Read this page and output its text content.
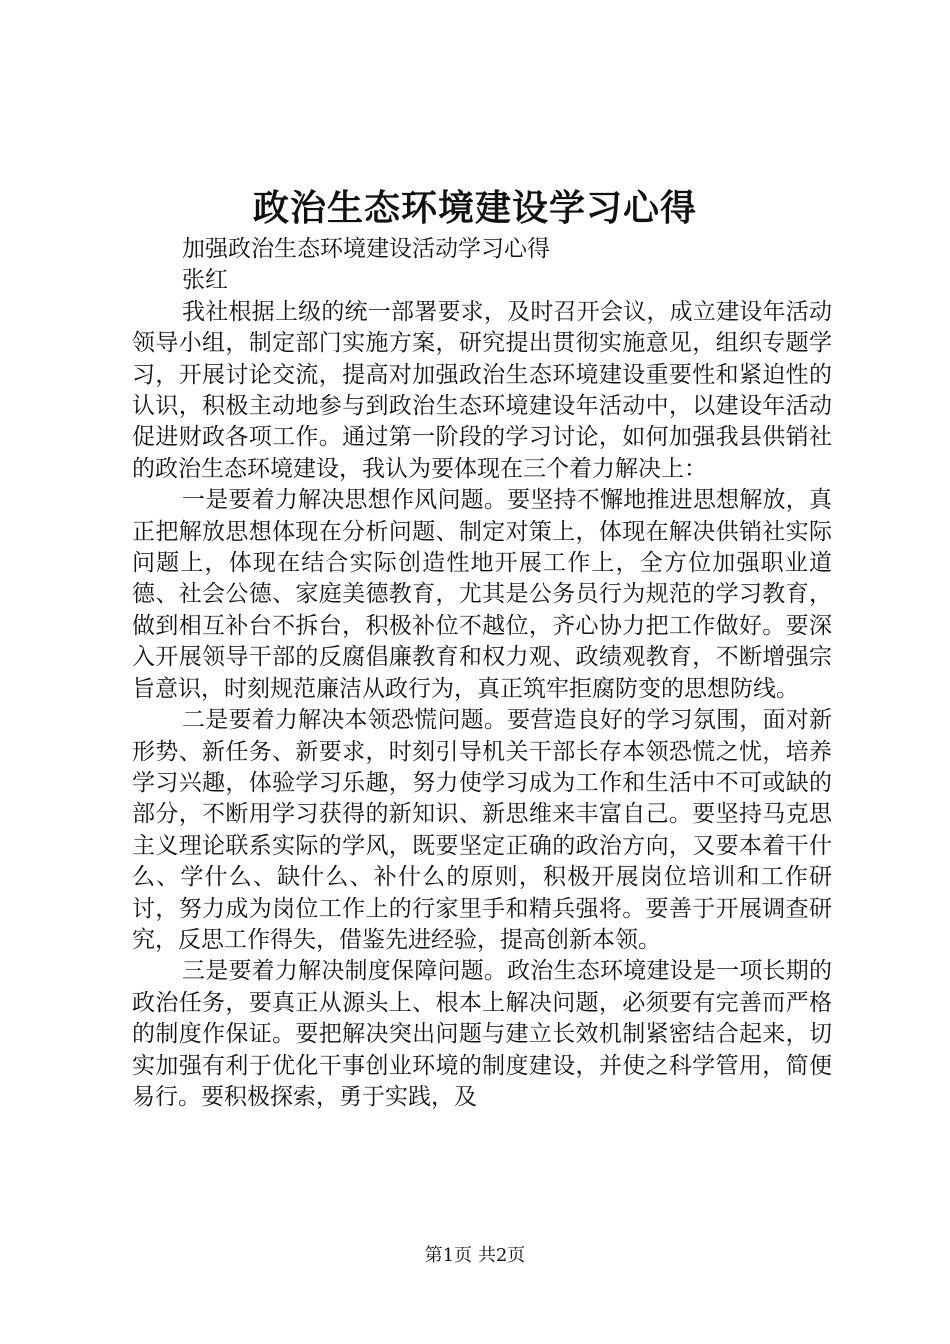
政治生态环境建设学习心得
加强政治生态环境建设活动学习心得
张红

我社根据上级的统一部署要求，及时召开会议，成立建设年活动领导小组，制定部门实施方案，研究提出贯彻实施意见，组织专题学习，开展讨论交流，提高对加强政治生态环境建设重要性和紧迫性的认识，积极主动地参与到政治生态环境建设年活动中，以建设年活动促进财政各项工作。通过第一阶段的学习讨论，如何加强我县供销社的政治生态环境建设，我认为要体现在三个着力解决上：

一是要着力解决思想作风问题。要坚持不懈地推进思想解放，真正把解放思想体现在分析问题、制定对策上，体现在解决供销社实际问题上，体现在结合实际创造性地开展工作上，全方位加强职业道德、社会公德、家庭美德教育，尤其是公务员行为规范的学习教育，做到相互补台不拆台，积极补位不越位，齐心协力把工作做好。要深入开展领导干部的反腐倡廉教育和权力观、政绩观教育，不断增强宗旨意识，时刻规范廉洁从政行为，真正筑牢拒腐防变的思想防线。

二是要着力解决本领恐慌问题。要营造良好的学习氛围，面对新形势、新任务、新要求，时刻引导机关干部长存本领恐慌之忧，培养学习兴趣，体验学习乐趣，努力使学习成为工作和生活中不可或缺的部分，不断用学习获得的新知识、新思维来丰富自己。要坚持马克思主义理论联系实际的学风，既要坚定正确的政治方向，又要本着干什么、学什么、缺什么、补什么的原则，积极开展岗位培训和工作研讨，努力成为岗位工作上的行家里手和精兵强将。要善于开展调查研究，反思工作得失，借鉴先进经验，提高创新本领。

三是要着力解决制度保障问题。政治生态环境建设是一项长期的政治任务，要真正从源头上、根本上解决问题，必须要有完善而严格的制度作保证。要把解决突出问题与建立长效机制紧密结合起来，切实加强有利于优化干事创业环境的制度建设，并使之科学管用，简便易行。要积极探索，勇于实践，及

第1页 共2页
